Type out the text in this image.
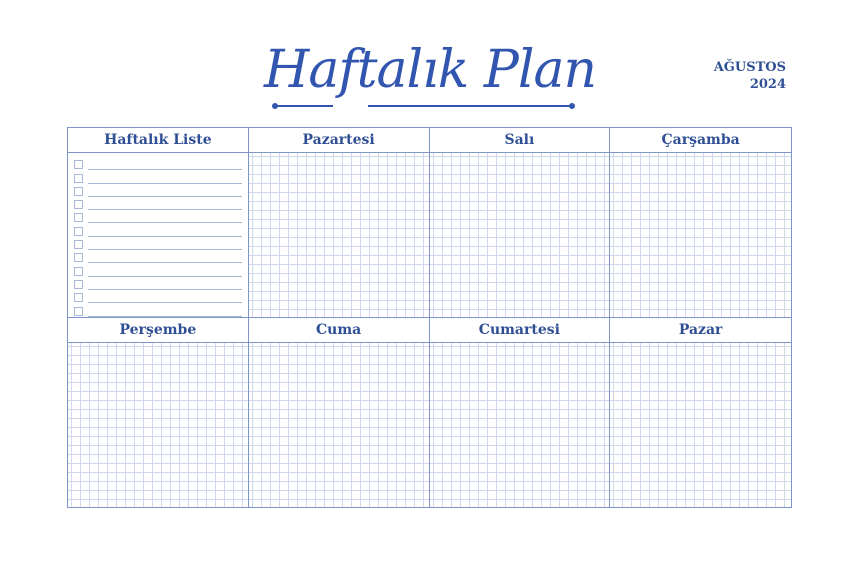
Haftalık Plan	AĞUSTOS
2024
Haftalık Liste	Pazartesi	Salı	Çarşamba
Perşembe	Cuma	Cumartesi	Pazar
